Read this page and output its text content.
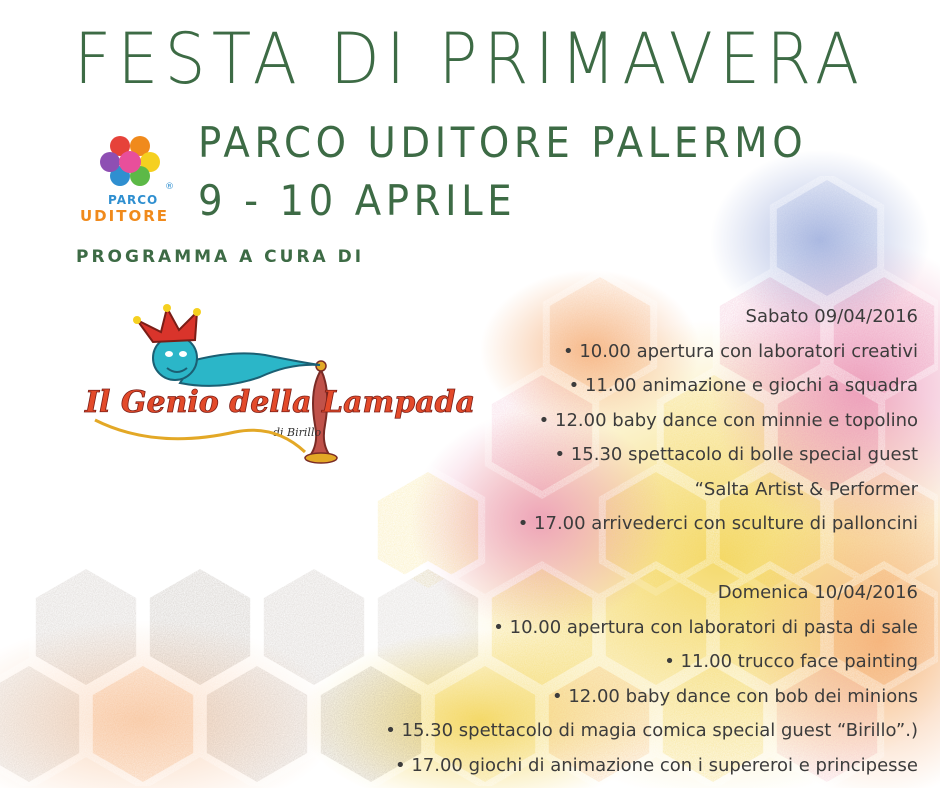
PARCO
UDITORE
®
FESTA DI PRIMAVERA
PARCO UDITORE PALERMO
9 - 10 APRILE
PROGRAMMA A CURA DI
Il Genio della Lampada
di Birillo
Sabato 09/04/2016
• 10.00 apertura con laboratori creativi
• 11.00 animazione e giochi a squadra
• 12.00 baby dance con minnie e topolino
• 15.30 spettacolo di bolle special guest
“Salta Artist & Performer
• 17.00 arrivederci con sculture di palloncini
Domenica 10/04/2016
• 10.00 apertura con laboratori di pasta di sale
• 11.00 trucco face painting
• 12.00 baby dance con bob dei minions
• 15.30 spettacolo di magia comica special guest “Birillo”.)
• 17.00 giochi di animazione con i supereroi e principesse
